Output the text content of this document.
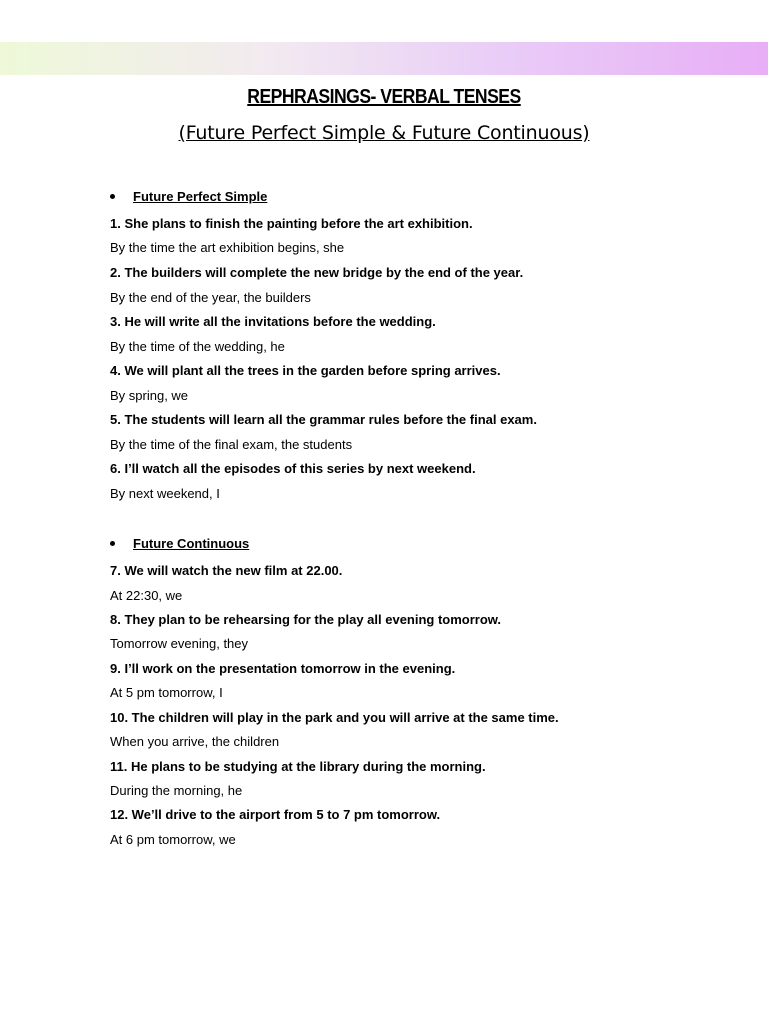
REPHRASINGS- VERBAL TENSES
(Future Perfect Simple & Future Continuous)
Future Perfect Simple
1. She plans to finish the painting before the art exhibition.
By the time the art exhibition begins, she
2. The builders will complete the new bridge by the end of the year.
By the end of the year, the builders
3. He will write all the invitations before the wedding.
By the time of the wedding, he
4. We will plant all the trees in the garden before spring arrives.
By spring, we
5. The students will learn all the grammar rules before the final exam.
By the time of the final exam, the students
6. I’ll watch all the episodes of this series by next weekend.
By next weekend, I
Future Continuous
7. We will watch the new film at 22.00.
At 22:30, we
8. They plan to be rehearsing for the play all evening tomorrow.
Tomorrow evening, they
9. I’ll work on the presentation tomorrow in the evening.
At 5 pm tomorrow, I
10. The children will play in the park and you will arrive at the same time.
When you arrive, the children
11. He plans to be studying at the library during the morning.
During the morning, he
12. We’ll drive to the airport from 5 to 7 pm tomorrow.
At 6 pm tomorrow, we
